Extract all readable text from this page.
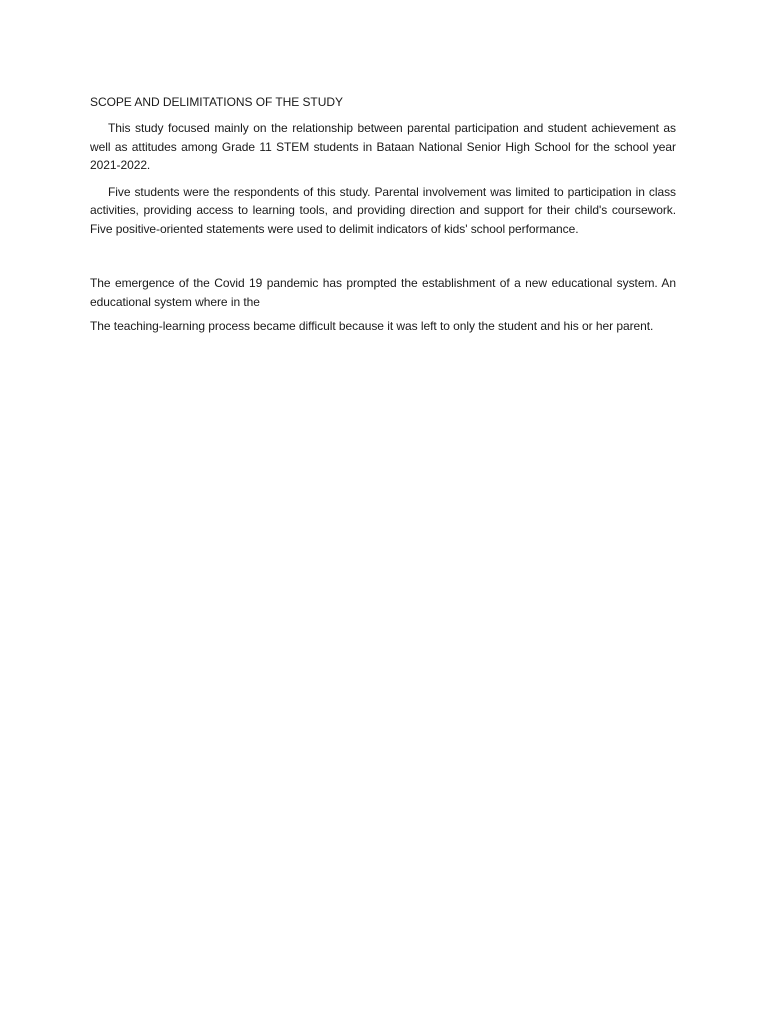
SCOPE AND DELIMITATIONS OF THE STUDY

This study focused mainly on the relationship between parental participation and student achievement as well as attitudes among Grade 11 STEM students in Bataan National Senior High School for the school year 2021-2022.

Five students were the respondents of this study. Parental involvement was limited to participation in class activities, providing access to learning tools, and providing direction and support for their child's coursework. Five positive-oriented statements were used to delimit indicators of kids' school performance.

The emergence of the Covid 19 pandemic has prompted the establishment of a new educational system. An educational system where in the

The teaching-learning process became difficult because it was left to only the student and his or her parent.
